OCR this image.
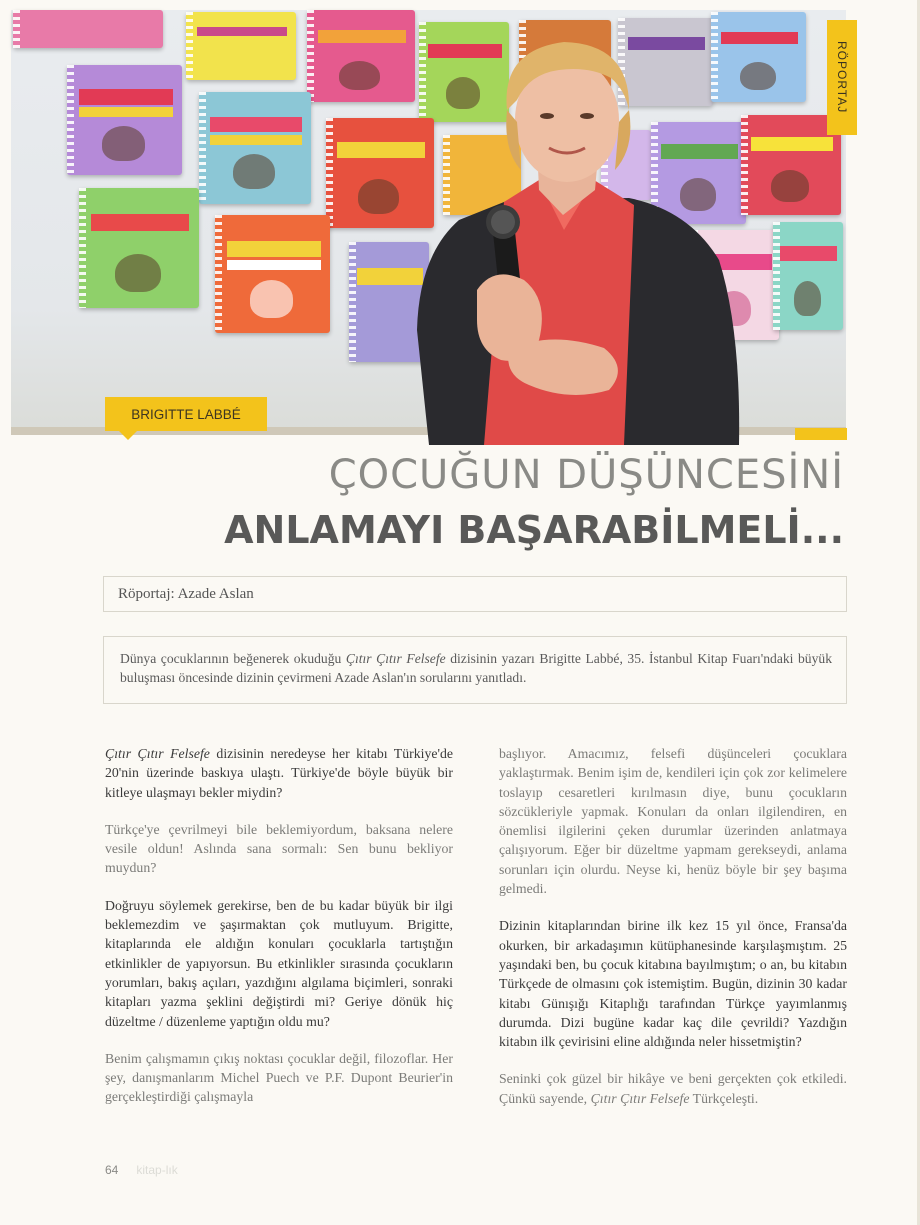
RÖPORTAJ
BRIGITTE LABBÉ
ÇOCUĞUN DÜŞÜNCESİNİ
ANLAMAYI BAŞARABİLMELİ...
Röportaj: Azade Aslan
Dünya çocuklarının beğenerek okuduğu Çıtır Çıtır Felsefe dizisinin yazarı Brigitte Labbé, 35. İstanbul Kitap Fuarı'ndaki büyük buluşması öncesinde dizinin çevirmeni Azade Aslan'ın sorularını yanıtladı.

Çıtır Çıtır Felsefe dizisinin neredeyse her kitabı Türkiye'de 20'nin üzerinde baskıya ulaştı. Türkiye'de böyle büyük bir kitleye ulaşmayı bekler miydin?

Türkçe'ye çevrilmeyi bile beklemiyordum, baksana nelere vesile oldun! Aslında sana sormalı: Sen bunu bekliyor muydun?

Doğruyu söylemek gerekirse, ben de bu kadar büyük bir ilgi beklemezdim ve şaşırmaktan çok mutluyum. Brigitte, kitaplarında ele aldığın konuları çocuklarla tartıştığın etkinlikler de yapıyorsun. Bu etkinlikler sırasında çocukların yorumları, bakış açıları, yazdığını algılama biçimleri, sonraki kitapları yazma şeklini değiştirdi mi? Geriye dönük hiç düzeltme / düzenleme yaptığın oldu mu?

Benim çalışmamın çıkış noktası çocuklar değil, filozoflar. Her şey, danışmanlarım Michel Puech ve P.F. Dupont Beurier'in gerçekleştirdiği çalışmayla

başlıyor. Amacımız, felsefi düşünceleri çocuklara yaklaştırmak. Benim işim de, kendileri için çok zor kelimelere toslayıp cesaretleri kırılmasın diye, bunu çocukların sözcükleriyle yapmak. Konuları da onları ilgilendiren, en önemlisi ilgilerini çeken durumlar üzerinden anlatmaya çalışıyorum. Eğer bir düzeltme yapmam gerekseydi, anlama sorunları için olurdu. Neyse ki, henüz böyle bir şey başıma gelmedi.

Dizinin kitaplarından birine ilk kez 15 yıl önce, Fransa'da okurken, bir arkadaşımın kütüphanesinde karşılaşmıştım. 25 yaşındaki ben, bu çocuk kitabına bayılmıştım; o an, bu kitabın Türkçede de olmasını çok istemiştim. Bugün, dizinin 30 kadar kitabı Günışığı Kitaplığı tarafından Türkçe yayımlanmış durumda. Dizi bugüne kadar kaç dile çevrildi? Yazdığın kitabın ilk çevirisini eline aldığında neler hissetmiştin?

Seninki çok güzel bir hikâye ve beni gerçekten çok etkiledi. Çünkü sayende, Çıtır Çıtır Felsefe Türkçeleşti.

64 kitap-lık
